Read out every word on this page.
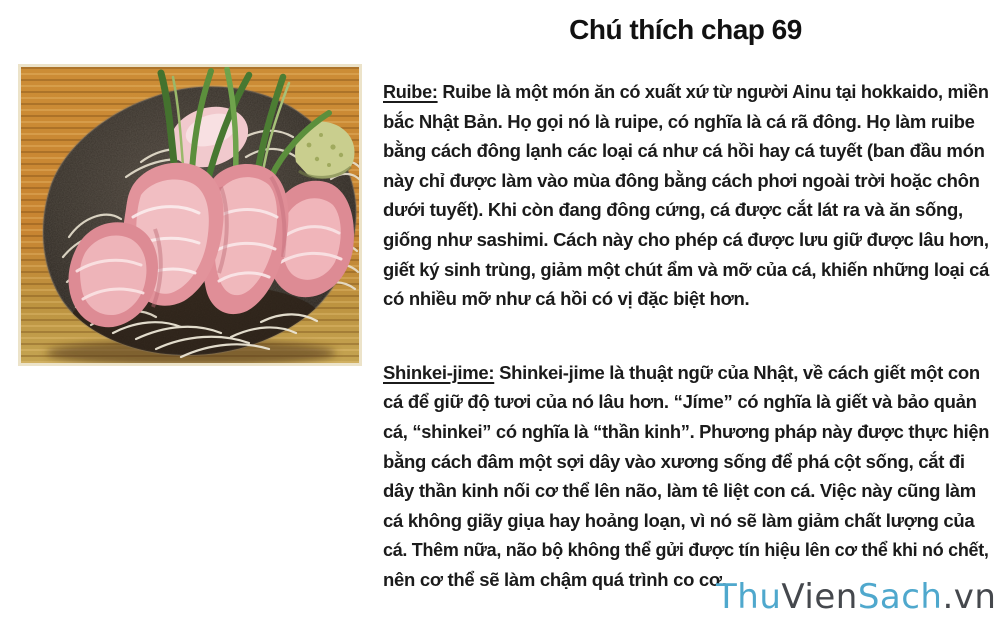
Chú thích chap 69
Ruibe: Ruibe là một món ăn có xuất xứ từ người Ainu tại hokkaido, miền
bắc Nhật Bản. Họ gọi nó là ruipe, có nghĩa là cá rã đông. Họ làm ruibe
bằng cách đông lạnh các loại cá như cá hồi hay cá tuyết (ban đầu món
này chỉ được làm vào mùa đông bằng cách phơi ngoài trời hoặc chôn
dưới tuyết). Khi còn đang đông cứng, cá được cắt lát ra và ăn sống,
giống như sashimi. Cách này cho phép cá được lưu giữ được lâu hơn,
giết ký sinh trùng, giảm một chút ẩm và mỡ của cá, khiến những loại cá
có nhiều mỡ như cá hồi có vị đặc biệt hơn.
Shinkei-jime: Shinkei-jime là thuật ngữ của Nhật, về cách giết một con
cá để giữ độ tươi của nó lâu hơn. “Jíme” có nghĩa là giết và bảo quản
cá, “shinkei” có nghĩa là “thần kinh”. Phương pháp này được thực hiện
bằng cách đâm một sợi dây vào xương sống để phá cột sống, cắt đi
dây thần kinh nối cơ thể lên não, làm tê liệt con cá. Việc này cũng làm
cá không giãy giụa hay hoảng loạn, vì nó sẽ làm giảm chất lượng của
cá. Thêm nữa, não bộ không thể gửi được tín hiệu lên cơ thể khi nó chết,
nên cơ thể sẽ làm chậm quá trình co cơ.
ThuVienSach.vn
